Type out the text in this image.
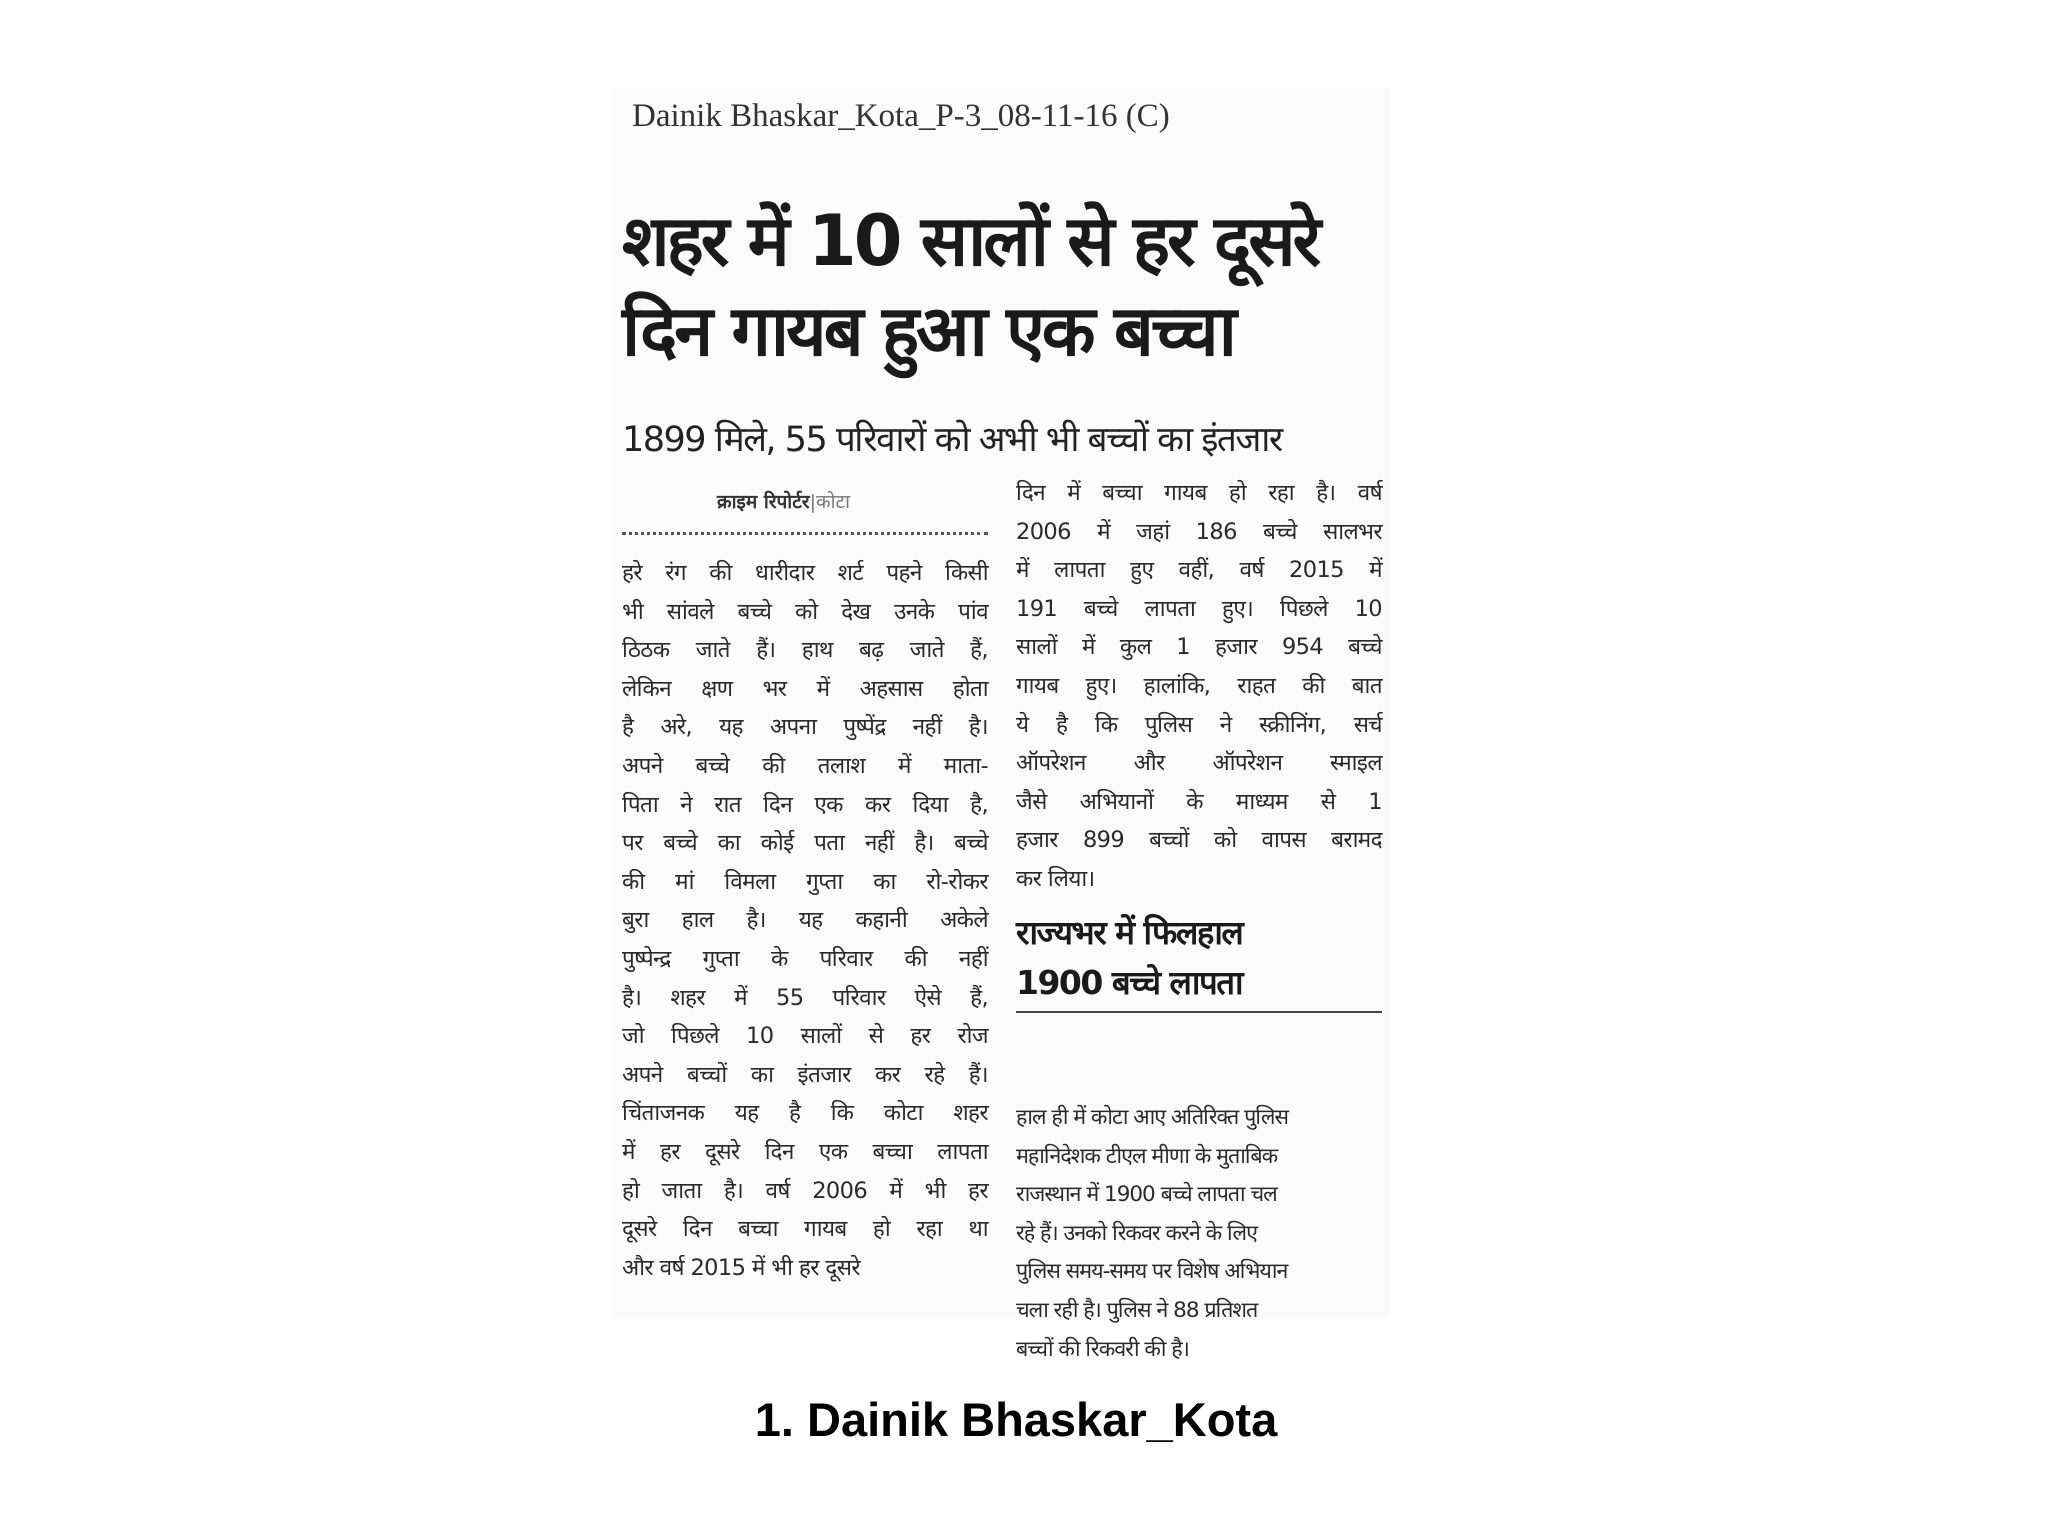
Dainik Bhaskar_Kota_P-3_08-11-16 (C)
शहर में 10 सालों से हर दूसरे
दिन गायब हुआ एक बच्चा
1899 मिले, 55 परिवारों को अभी भी बच्चों का इंतजार
क्राइम रिपोर्टर|कोटा
हरे रंग की धारीदार शर्ट पहने किसी
भी सांवले बच्चे को देख उनके पांव
ठिठक जाते हैं। हाथ बढ़ जाते हैं,
लेकिन क्षण भर में अहसास होता
है अरे, यह अपना पुष्पेंद्र नहीं है।
अपने बच्चे की तलाश में माता-
पिता ने रात दिन एक कर दिया है,
पर बच्चे का कोई पता नहीं है। बच्चे
की मां विमला गुप्ता का रो-रोकर
बुरा हाल है। यह कहानी अकेले
पुष्पेन्द्र गुप्ता के परिवार की नहीं
है। शहर में 55 परिवार ऐसे हैं,
जो पिछले 10 सालों से हर रोज
अपने बच्चों का इंतजार कर रहे हैं।
चिंताजनक यह है कि कोटा शहर
में हर दूसरे दिन एक बच्चा लापता
हो जाता है। वर्ष 2006 में भी हर
दूसरे दिन बच्चा गायब हो रहा था
और वर्ष 2015 में भी हर दूसरे
दिन में बच्चा गायब हो रहा है। वर्ष
2006 में जहां 186 बच्चे सालभर
में लापता हुए वहीं, वर्ष 2015 में
191 बच्चे लापता हुए। पिछले 10
सालों में कुल 1 हजार 954 बच्चे
गायब हुए। हालांकि, राहत की बात
ये है कि पुलिस ने स्क्रीनिंग, सर्च
ऑपरेशन और ऑपरेशन स्माइल
जैसे अभियानों के माध्यम से 1
हजार 899 बच्चों को वापस बरामद
कर लिया।
राज्यभर में फिलहाल
1900 बच्चे लापता
हाल ही में कोटा आए अतिरिक्त पुलिस
महानिदेशक टीएल मीणा के मुताबिक
राजस्थान में 1900 बच्चे लापता चल
रहे हैं। उनको रिकवर करने के लिए
पुलिस समय-समय पर विशेष अभियान
चला रही है। पुलिस ने 88 प्रतिशत
बच्चों की रिकवरी की है।
1. Dainik Bhaskar_Kota
